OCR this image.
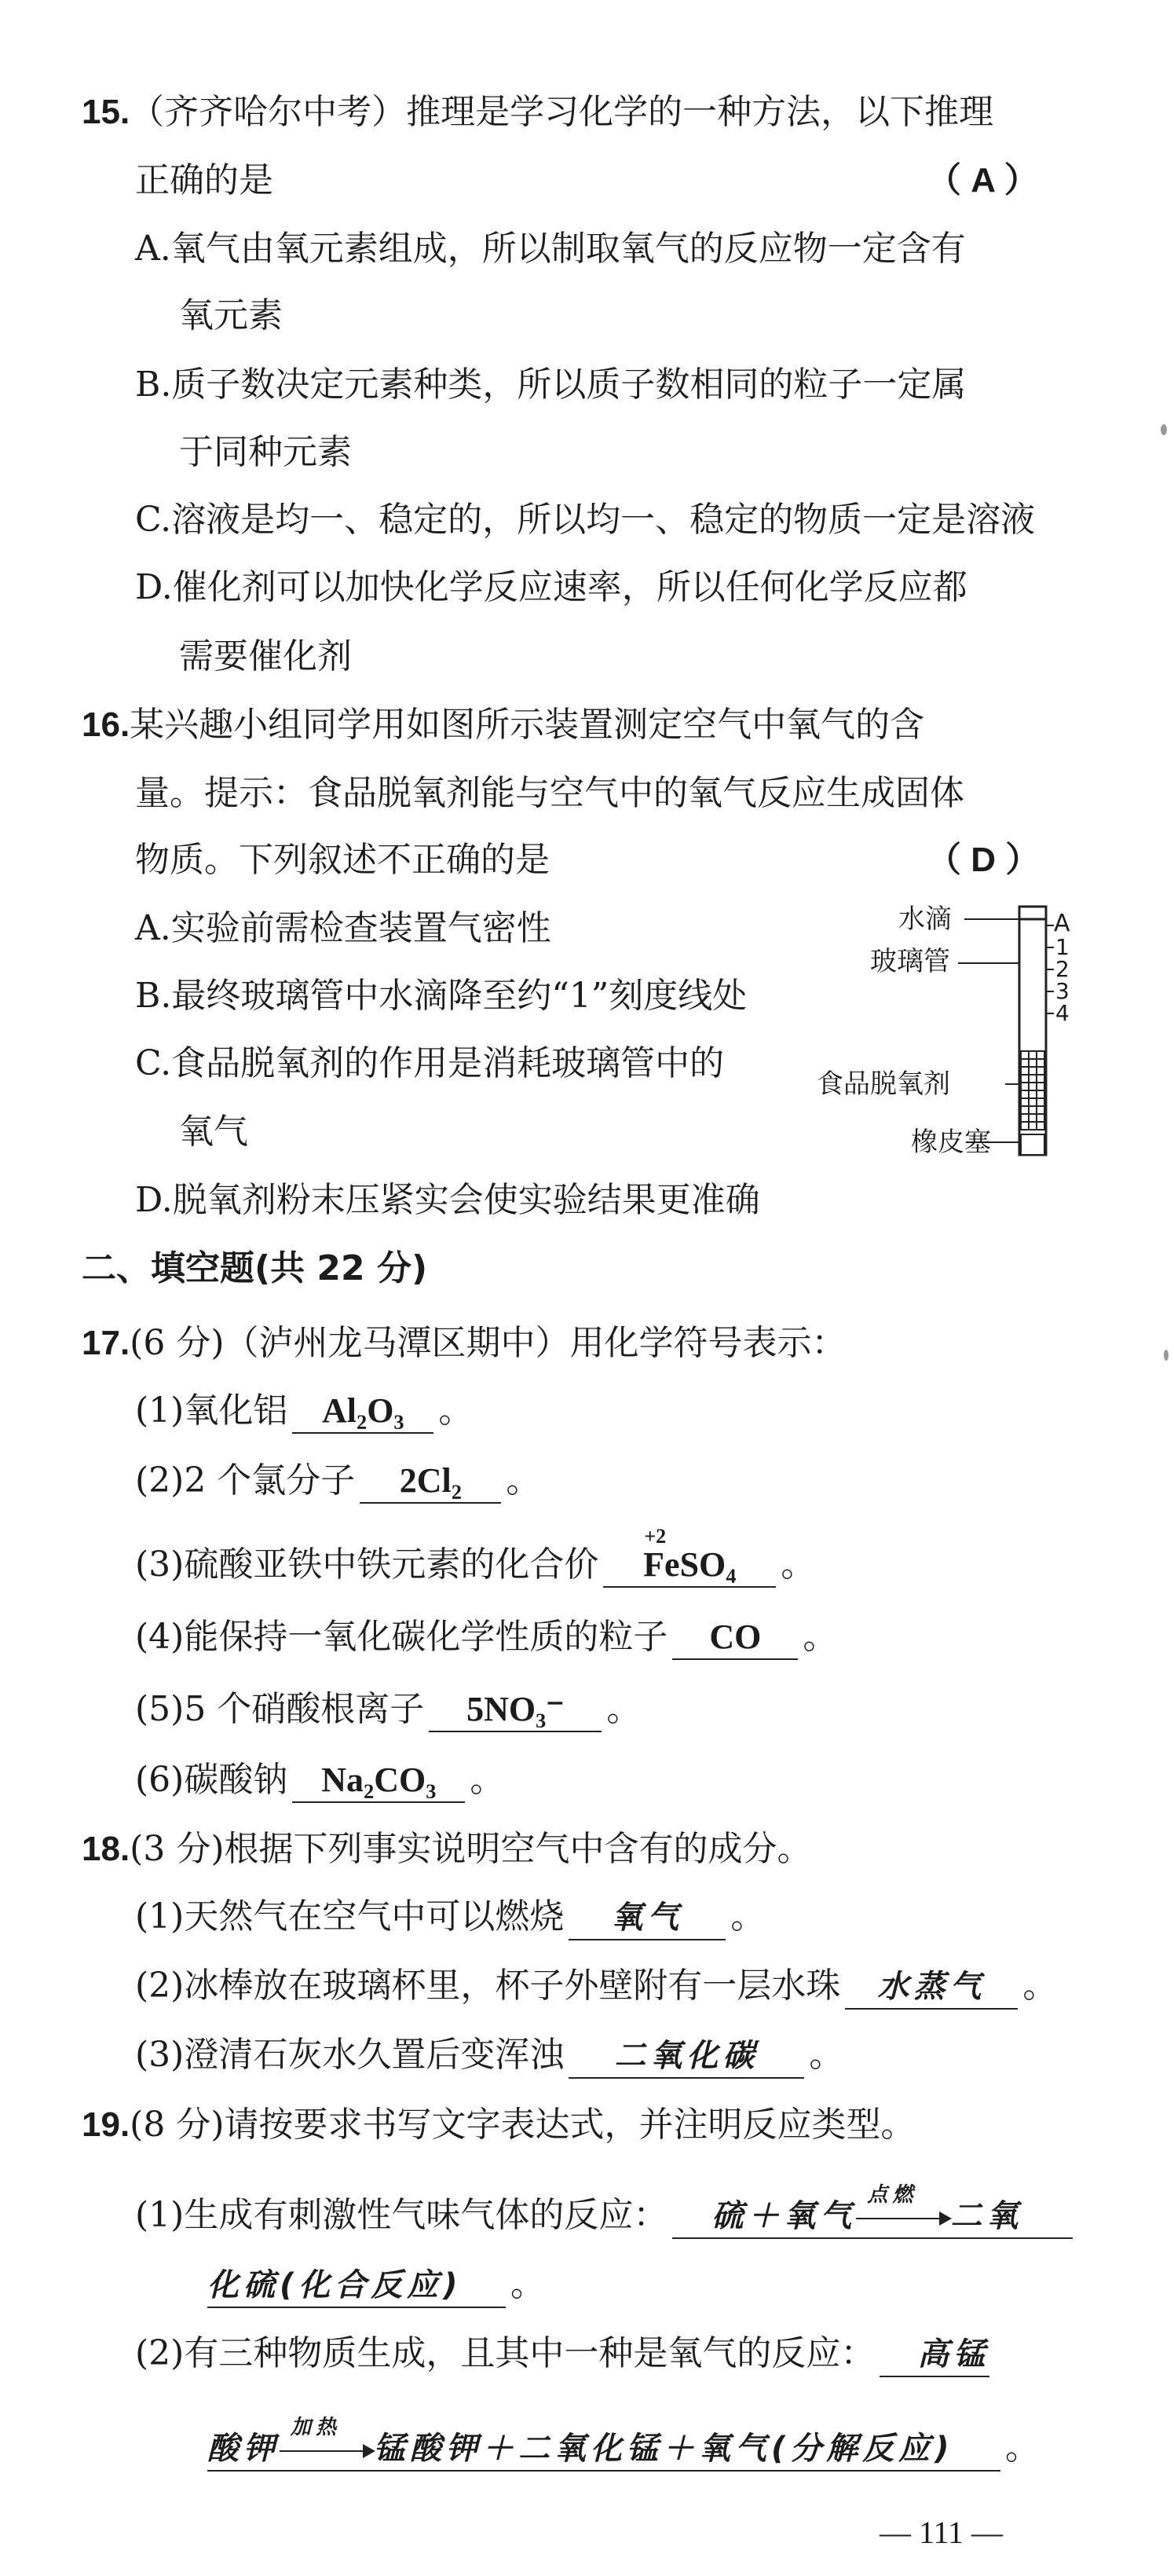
15.（齐齐哈尔中考）推理是学习化学的一种方法，以下推理
正确的是	（ A ）
A.氧气由氧元素组成，所以制取氧气的反应物一定含有
氧元素
B.质子数决定元素种类，所以质子数相同的粒子一定属
于同种元素
C.溶液是均一、稳定的，所以均一、稳定的物质一定是溶液
D.催化剂可以加快化学反应速率，所以任何化学反应都
需要催化剂
16.某兴趣小组同学用如图所示装置测定空气中氧气的含
量。提示：食品脱氧剂能与空气中的氧气反应生成固体
物质。下列叙述不正确的是	（ D ）
A.实验前需检查装置气密性
B.最终玻璃管中水滴降至约“1”刻度线处
C.食品脱氧剂的作用是消耗玻璃管中的
氧气
D.脱氧剂粉末压紧实会使实验结果更准确
水滴
玻璃管
食品脱氧剂
橡皮塞
A
1
2
3
4
二、填空题(共 22 分)
17.(6 分)（泸州龙马潭区期中）用化学符号表示：
(1)氧化铝 Al₂O₃ 。
(2)2 个氯分子 2Cl₂ 。
(3)硫酸亚铁中铁元素的化合价
+2
FeSO₄ 。
(4)能保持一氧化碳化学性质的粒子 CO 。
(5)5 个硝酸根离子 5NO₃⁻ 。
(6)碳酸钠 Na₂CO₃ 。
18.(3 分)根据下列事实说明空气中含有的成分。
(1)天然气在空气中可以燃烧 氧气 。
(2)冰棒放在玻璃杯里，杯子外壁附有一层水珠 水蒸气 。
(3)澄清石灰水久置后变浑浊 二氧化碳 。
19.(8 分)请按要求书写文字表达式，并注明反应类型。
(1)生成有刺激性气味气体的反应： 硫＋氧气
点燃
二氧
化硫(化合反应) 。
(2)有三种物质生成，且其中一种是氧气的反应： 高锰
酸钾
加热
锰酸钾＋二氧化锰＋氧气(分解反应) 。
— 111 —
